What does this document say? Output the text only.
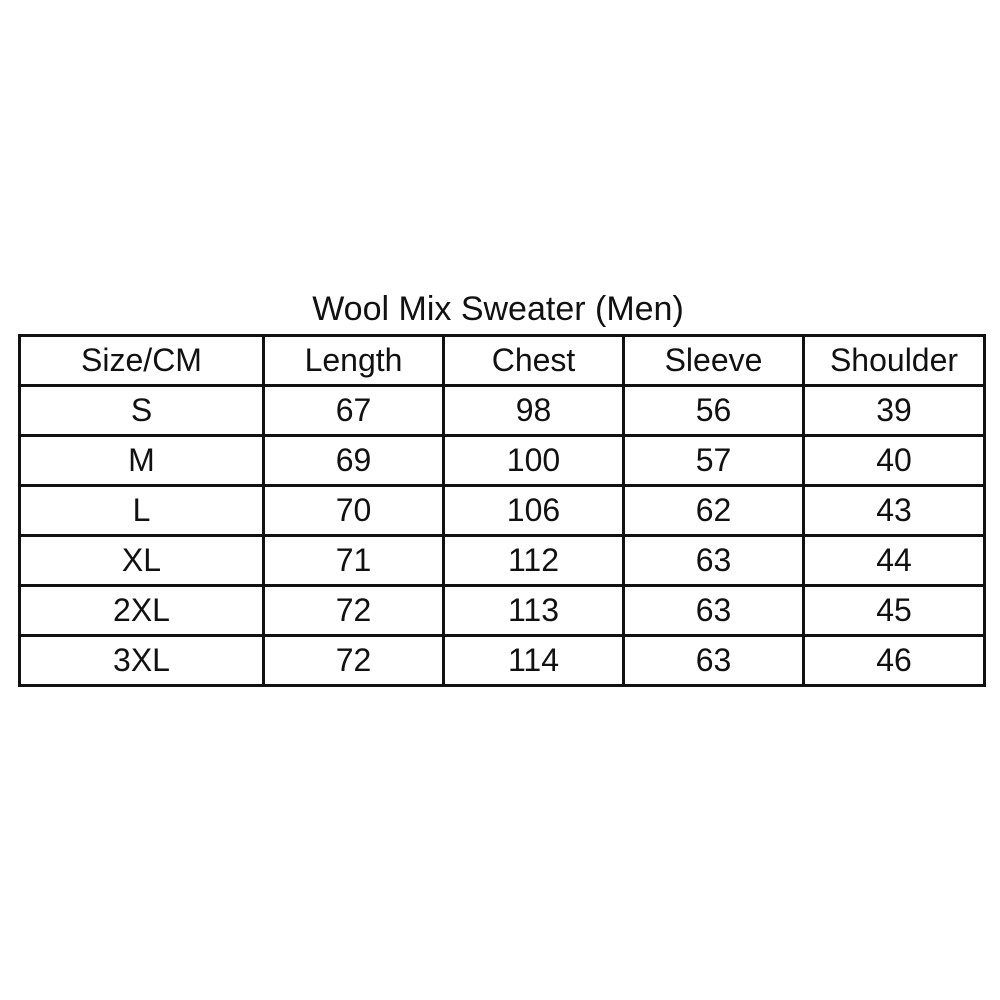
Wool Mix Sweater (Men)
Size/CM	Length	Chest	Sleeve	Shoulder
S	67	98	56	39
M	69	100	57	40
L	70	106	62	43
XL	71	112	63	44
2XL	72	113	63	45
3XL	72	114	63	46
